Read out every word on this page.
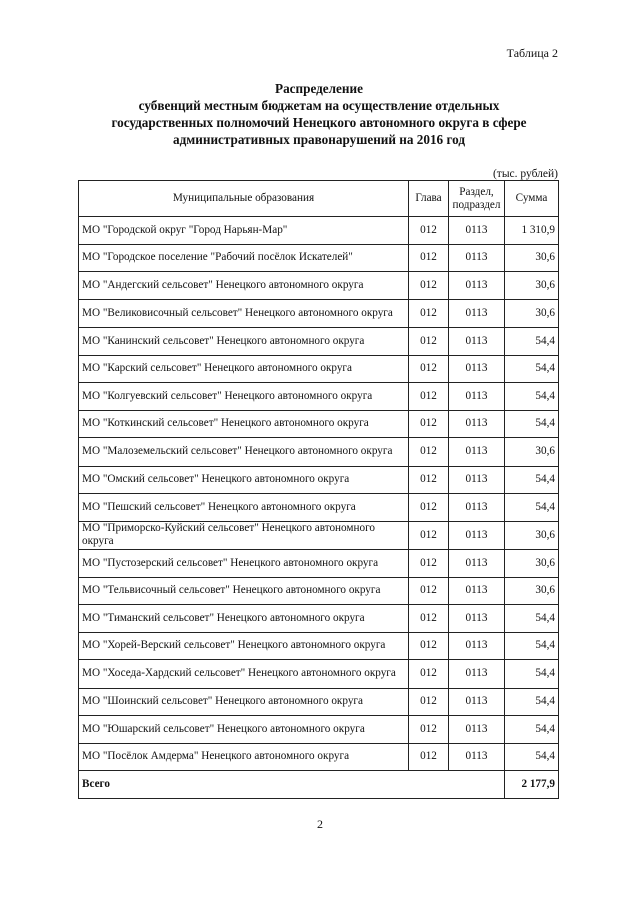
Таблица 2
Распределение
субвенций местным бюджетам на осуществление отдельных
государственных полномочий Ненецкого автономного округа в сфере
административных правонарушений на 2016 год
(тыс. рублей)
Муниципальные образования	Глава	Раздел, подраздел	Сумма
МО "Городской округ "Город Нарьян-Мар"	012	0113	1 310,9
МО "Городское поселение "Рабочий посёлок Искателей"	012	0113	30,6
МО "Андегский сельсовет" Ненецкого автономного округа	012	0113	30,6
МО "Великовисочный сельсовет" Ненецкого автономного округа	012	0113	30,6
МО "Канинский сельсовет" Ненецкого автономного округа	012	0113	54,4
МО "Карский сельсовет" Ненецкого автономного округа	012	0113	54,4
МО "Колгуевский сельсовет" Ненецкого автономного округа	012	0113	54,4
МО "Коткинский сельсовет" Ненецкого автономного округа	012	0113	54,4
МО "Малоземельский сельсовет" Ненецкого автономного округа	012	0113	30,6
МО "Омский сельсовет" Ненецкого автономного округа	012	0113	54,4
МО "Пешский сельсовет" Ненецкого автономного округа	012	0113	54,4
МО "Приморско-Куйский сельсовет" Ненецкого автономного округа	012	0113	30,6
МО "Пустозерский сельсовет" Ненецкого автономного округа	012	0113	30,6
МО "Тельвисочный сельсовет" Ненецкого автономного округа	012	0113	30,6
МО "Тиманский сельсовет" Ненецкого автономного округа	012	0113	54,4
МО "Хорей-Верский сельсовет" Ненецкого автономного округа	012	0113	54,4
МО "Хоседа-Хардский сельсовет" Ненецкого автономного округа	012	0113	54,4
МО "Шоинский сельсовет" Ненецкого автономного округа	012	0113	54,4
МО "Юшарский сельсовет" Ненецкого автономного округа	012	0113	54,4
МО "Посёлок Амдерма" Ненецкого автономного округа	012	0113	54,4
Всего			2 177,9
2
